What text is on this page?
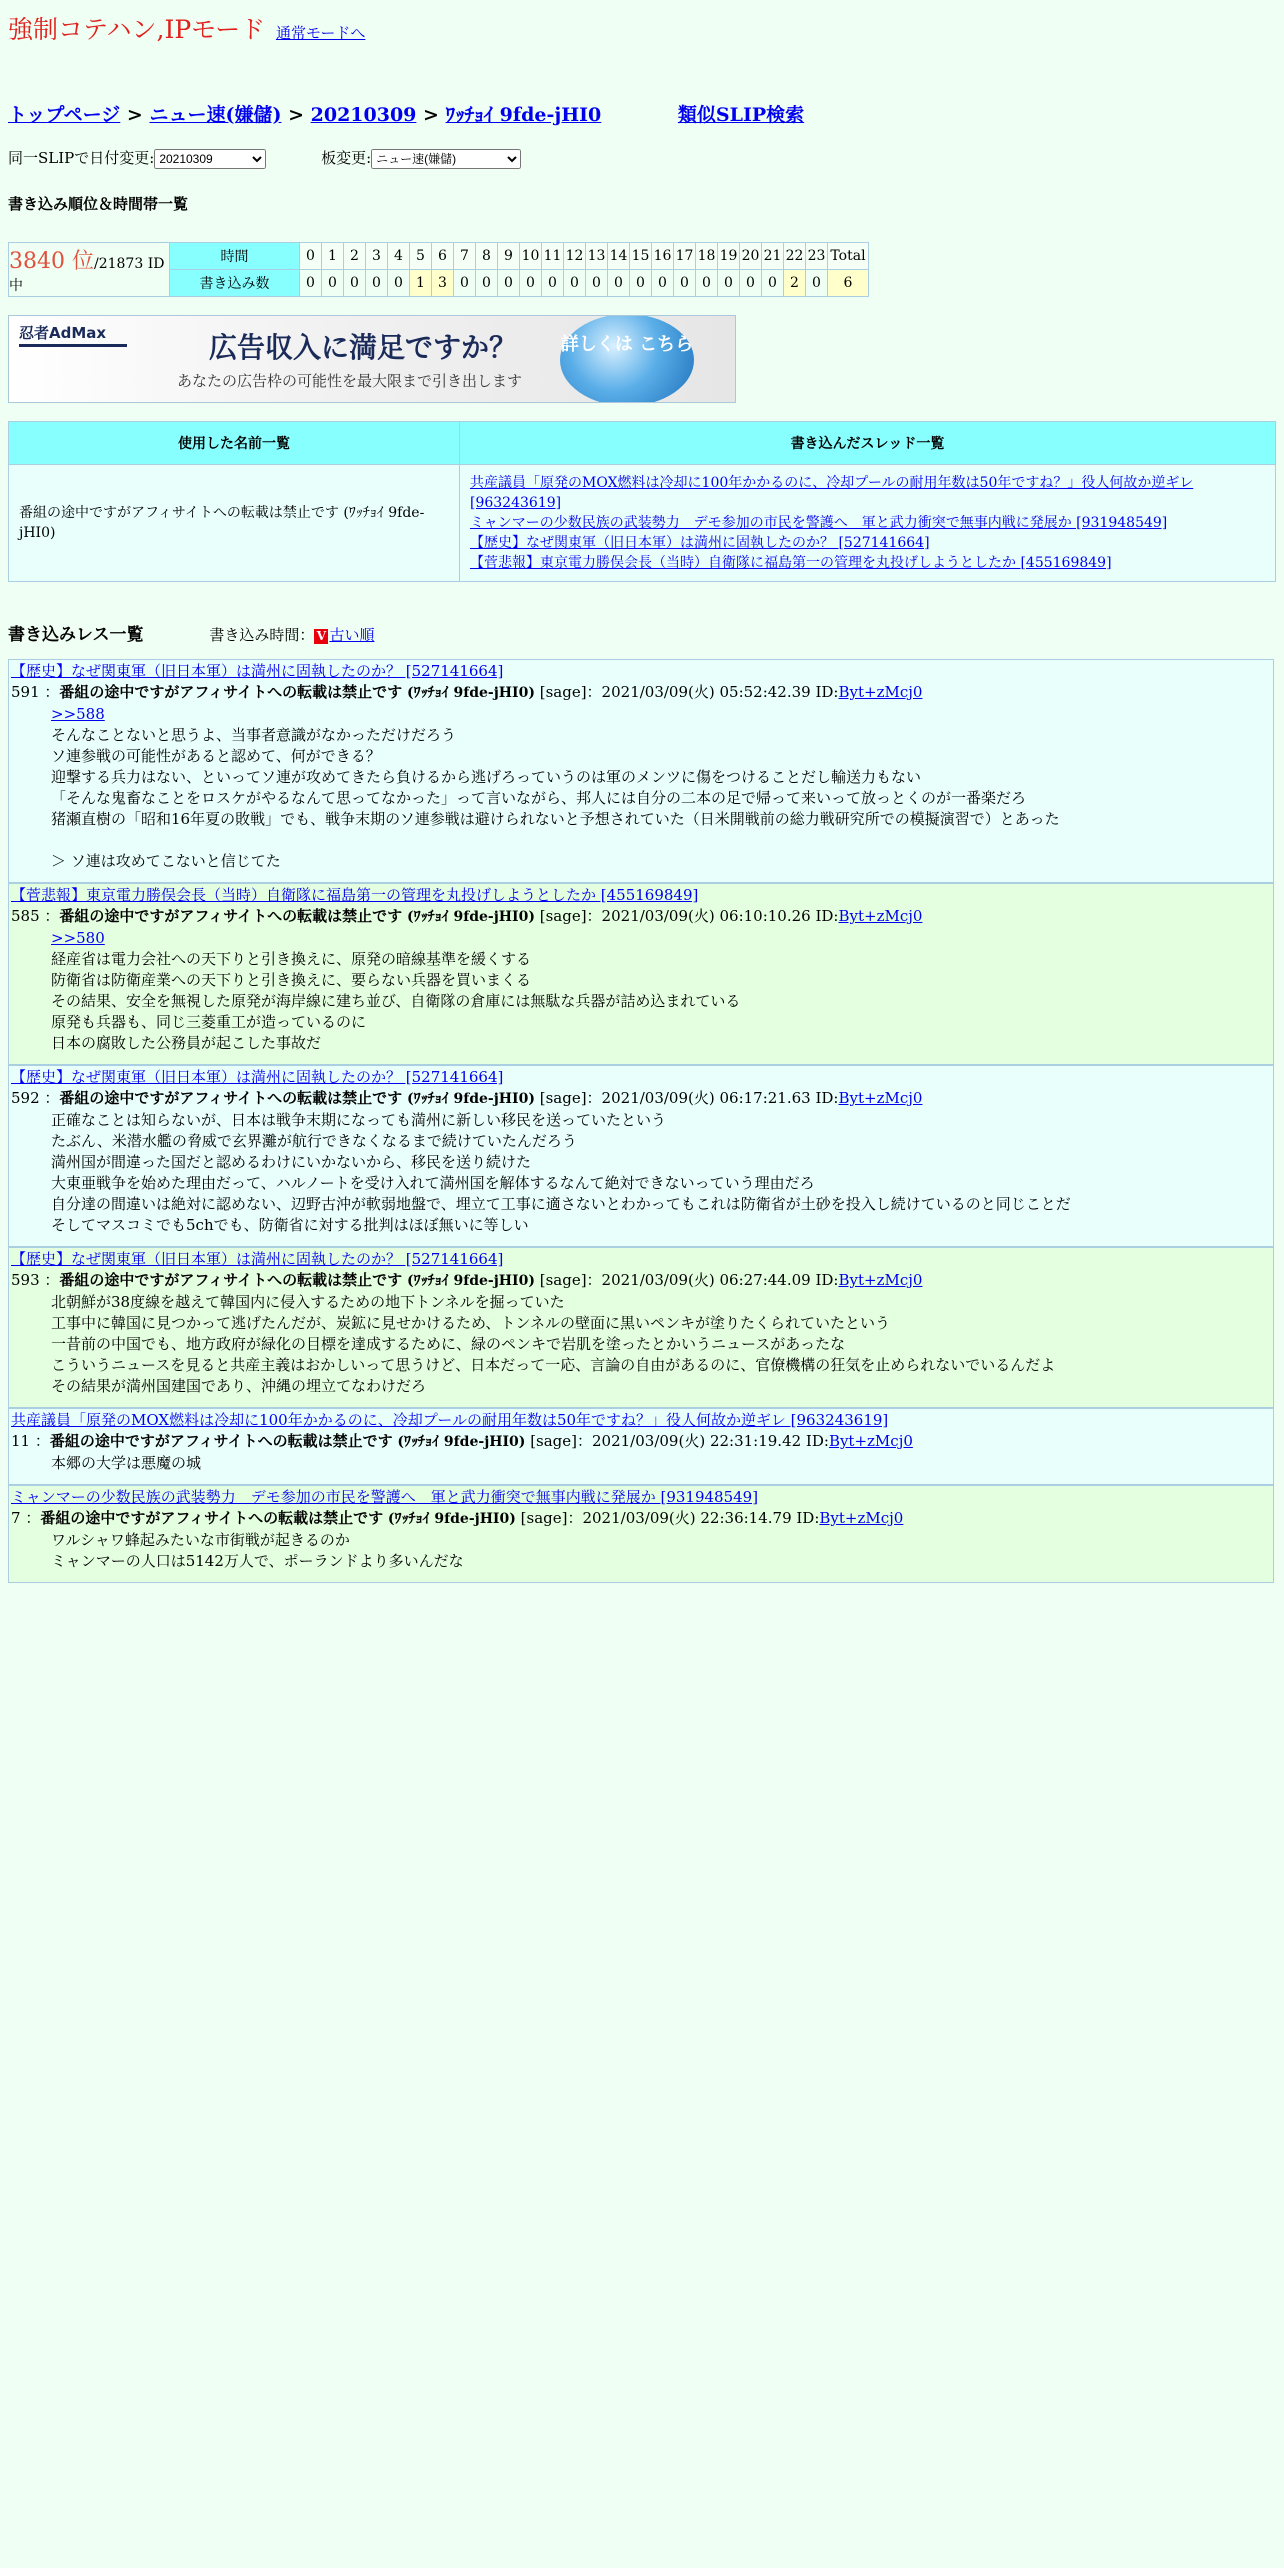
強制コテハン,IPモード 通常モードへ
トップページ > ニュー速(嫌儲) > 20210309 > ﾜｯﾁｮｲ 9fde-jHI0	類似SLIP検索
同一SLIPで日付変更:
20210309	板変更:
ニュー速(嫌儲)
書き込み順位＆時間帯一覧
3840 位/21873 ID中	時間	0	1	2	3	4	5	6	7	8	9	10	11	12	13	14	15	16	17	18	19	20	21	22	23	Total
	書き込み数	0	0	0	0	0	1	3	0	0	0	0	0	0	0	0	0	0	0	0	0	0	0	2	0	6
忍者AdMax	広告収入に満足ですか？
あなたの広告枠の可能性を最大限まで引き出します
詳しくは こちら
使用した名前一覧	書き込んだスレッド一覧
番組の途中ですがアフィサイトへの転載は禁止です (ﾜｯﾁｮｲ 9fde-jHI0)	共産議員「原発のMOX燃料は冷却に100年かかるのに、冷却プールの耐用年数は50年ですね？」役人何故か逆ギレ [963243619]
ミャンマーの少数民族の武装勢力　デモ参加の市民を警護へ　軍と武力衝突で無事内戦に発展か [931948549]
【歴史】なぜ関東軍（旧日本軍）は満州に固執したのか？ [527141664]
【菅悲報】東京電力勝俣会長（当時）自衛隊に福島第一の管理を丸投げしようとしたか [455169849]
書き込みレス一覧	書き込み時間： V 古い順
【歴史】なぜ関東軍（旧日本軍）は満州に固執したのか？ [527141664]
591 ：番組の途中ですがアフィサイトへの転載は禁止です (ﾜｯﾁｮｲ 9fde-jHI0) [sage]：2021/03/09(火) 05:52:42.39 ID:Byt+zMcj0
>>588
そんなことないと思うよ、当事者意識がなかっただけだろう
ソ連参戦の可能性があると認めて、何ができる？
迎撃する兵力はない、といってソ連が攻めてきたら負けるから逃げろっていうのは軍のメンツに傷をつけることだし輸送力もない
「そんな鬼畜なことをロスケがやるなんて思ってなかった」って言いながら、邦人には自分の二本の足で帰って来いって放っとくのが一番楽だろ
猪瀬直樹の「昭和16年夏の敗戦」でも、戦争末期のソ連参戦は避けられないと予想されていた（日米開戦前の総力戦研究所での模擬演習で）とあった
＞ ソ連は攻めてこないと信じてた
【菅悲報】東京電力勝俣会長（当時）自衛隊に福島第一の管理を丸投げしようとしたか [455169849]
585 ：番組の途中ですがアフィサイトへの転載は禁止です (ﾜｯﾁｮｲ 9fde-jHI0) [sage]：2021/03/09(火) 06:10:10.26 ID:Byt+zMcj0
>>580
経産省は電力会社への天下りと引き換えに、原発の暗線基準を緩くする
防衛省は防衛産業への天下りと引き換えに、要らない兵器を買いまくる
その結果、安全を無視した原発が海岸線に建ち並び、自衛隊の倉庫には無駄な兵器が詰め込まれている
原発も兵器も、同じ三菱重工が造っているのに
日本の腐敗した公務員が起こした事故だ
【歴史】なぜ関東軍（旧日本軍）は満州に固執したのか？ [527141664]
592 ：番組の途中ですがアフィサイトへの転載は禁止です (ﾜｯﾁｮｲ 9fde-jHI0) [sage]：2021/03/09(火) 06:17:21.63 ID:Byt+zMcj0
正確なことは知らないが、日本は戦争末期になっても満州に新しい移民を送っていたという
たぶん、米潜水艦の脅威で玄界灘が航行できなくなるまで続けていたんだろう
満州国が間違った国だと認めるわけにいかないから、移民を送り続けた
大東亜戦争を始めた理由だって、ハルノートを受け入れて満州国を解体するなんて絶対できないっていう理由だろ
自分達の間違いは絶対に認めない、辺野古沖が軟弱地盤で、埋立て工事に適さないとわかってもこれは防衛省が土砂を投入し続けているのと同じことだ
そしてマスコミでも5chでも、防衛省に対する批判はほぼ無いに等しい
【歴史】なぜ関東軍（旧日本軍）は満州に固執したのか？ [527141664]
593 ：番組の途中ですがアフィサイトへの転載は禁止です (ﾜｯﾁｮｲ 9fde-jHI0) [sage]：2021/03/09(火) 06:27:44.09 ID:Byt+zMcj0
北朝鮮が38度線を越えて韓国内に侵入するための地下トンネルを掘っていた
工事中に韓国に見つかって逃げたんだが、炭鉱に見せかけるため、トンネルの壁面に黒いペンキが塗りたくられていたという
一昔前の中国でも、地方政府が緑化の目標を達成するために、緑のペンキで岩肌を塗ったとかいうニュースがあったな
こういうニュースを見ると共産主義はおかしいって思うけど、日本だって一応、言論の自由があるのに、官僚機構の狂気を止められないでいるんだよ
その結果が満州国建国であり、沖縄の埋立てなわけだろ
共産議員「原発のMOX燃料は冷却に100年かかるのに、冷却プールの耐用年数は50年ですね？」役人何故か逆ギレ [963243619]
11 ：番組の途中ですがアフィサイトへの転載は禁止です (ﾜｯﾁｮｲ 9fde-jHI0) [sage]：2021/03/09(火) 22:31:19.42 ID:Byt+zMcj0
本郷の大学は悪魔の城
ミャンマーの少数民族の武装勢力　デモ参加の市民を警護へ　軍と武力衝突で無事内戦に発展か [931948549]
7 ：番組の途中ですがアフィサイトへの転載は禁止です (ﾜｯﾁｮｲ 9fde-jHI0) [sage]：2021/03/09(火) 22:36:14.79 ID:Byt+zMcj0
ワルシャワ蜂起みたいな市街戦が起きるのか
ミャンマーの人口は5142万人で、ポーランドより多いんだな
